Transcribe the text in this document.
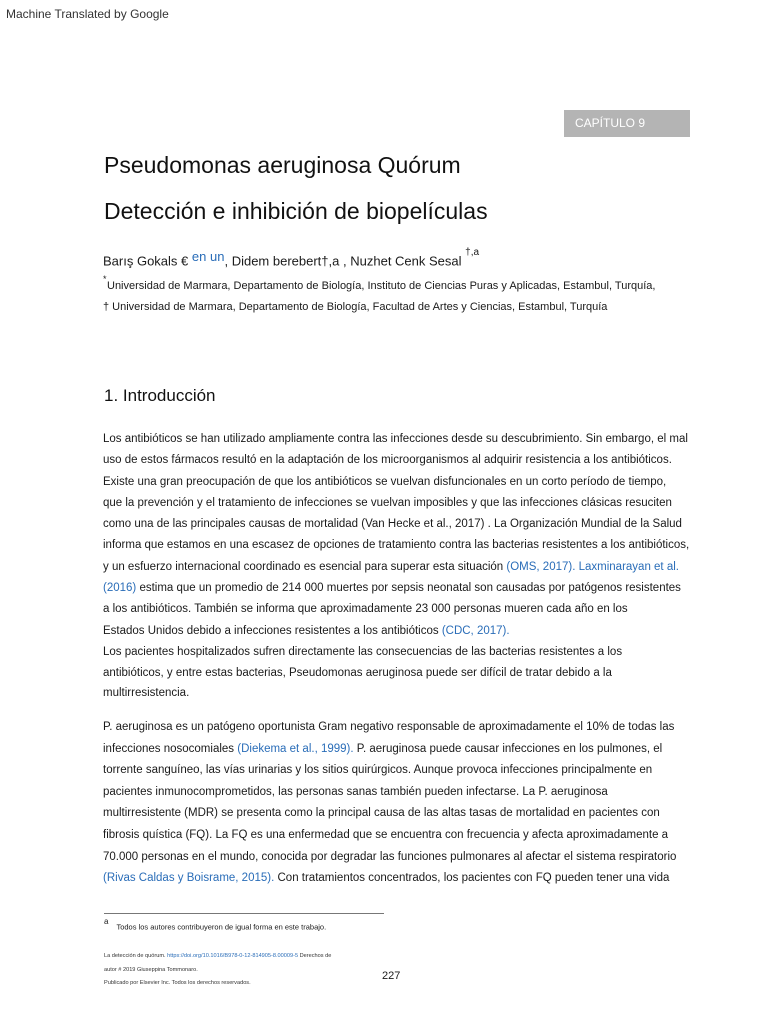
Machine Translated by Google
CAPÍTULO 9
Pseudomonas aeruginosa Quórum
Detección e inhibición de biopelículas
Barış Gokals € en un, Didem berebert†,a , Nuzhet Cenk Sesal $^{\dagger,a}$
*
Universidad de Marmara, Departamento de Biología, Instituto de Ciencias Puras y Aplicadas, Estambul, Turquía,
† Universidad de Marmara, Departamento de Biología, Facultad de Artes y Ciencias, Estambul, Turquía
1. Introducción
Los antibióticos se han utilizado ampliamente contra las infecciones desde su descubrimiento. Sin embargo, el mal
uso de estos fármacos resultó en la adaptación de los microorganismos al adquirir resistencia a los antibióticos.
Existe una gran preocupación de que los antibióticos se vuelvan disfuncionales en un corto período de tiempo,
que la prevención y el tratamiento de infecciones se vuelvan imposibles y que las infecciones clásicas resuciten
como una de las principales causas de mortalidad (Van Hecke et al., 2017) . La Organización Mundial de la Salud
informa que estamos en una escasez de opciones de tratamiento contra las bacterias resistentes a los antibióticos,
y un esfuerzo internacional coordinado es esencial para superar esta situación (OMS, 2017). Laxminarayan et al.
(2016) estima que un promedio de 214 000 muertes por sepsis neonatal son causadas por patógenos resistentes
a los antibióticos. También se informa que aproximadamente 23 000 personas mueren cada año en los
Estados Unidos debido a infecciones resistentes a los antibióticos (CDC, 2017).
Los pacientes hospitalizados sufren directamente las consecuencias de las bacterias resistentes a los
antibióticos, y entre estas bacterias, Pseudomonas aeruginosa puede ser difícil de tratar debido a la
multirresistencia.
P. aeruginosa es un patógeno oportunista Gram negativo responsable de aproximadamente el 10% de todas las
infecciones nosocomiales (Diekema et al., 1999). P. aeruginosa puede causar infecciones en los pulmones, el
torrente sanguíneo, las vías urinarias y los sitios quirúrgicos. Aunque provoca infecciones principalmente en
pacientes inmunocomprometidos, las personas sanas también pueden infectarse. La P. aeruginosa
multirresistente (MDR) se presenta como la principal causa de las altas tasas de mortalidad en pacientes con
fibrosis quística (FQ). La FQ es una enfermedad que se encuentra con frecuencia y afecta aproximadamente a
70.000 personas en el mundo, conocida por degradar las funciones pulmonares al afectar el sistema respiratorio
(Rivas Caldas y Boisrame, 2015). Con tratamientos concentrados, los pacientes con FQ pueden tener una vida
$^a$Todos los autores contribuyeron de igual forma en este trabajo.
La detección de quórum. https://doi.org/10.1016/B978-0-12-814905-8.00009-5 Derechos de
autor # 2019 Giuseppina Tommonaro.
Publicado por Elsevier Inc. Todos los derechos reservados.
227
